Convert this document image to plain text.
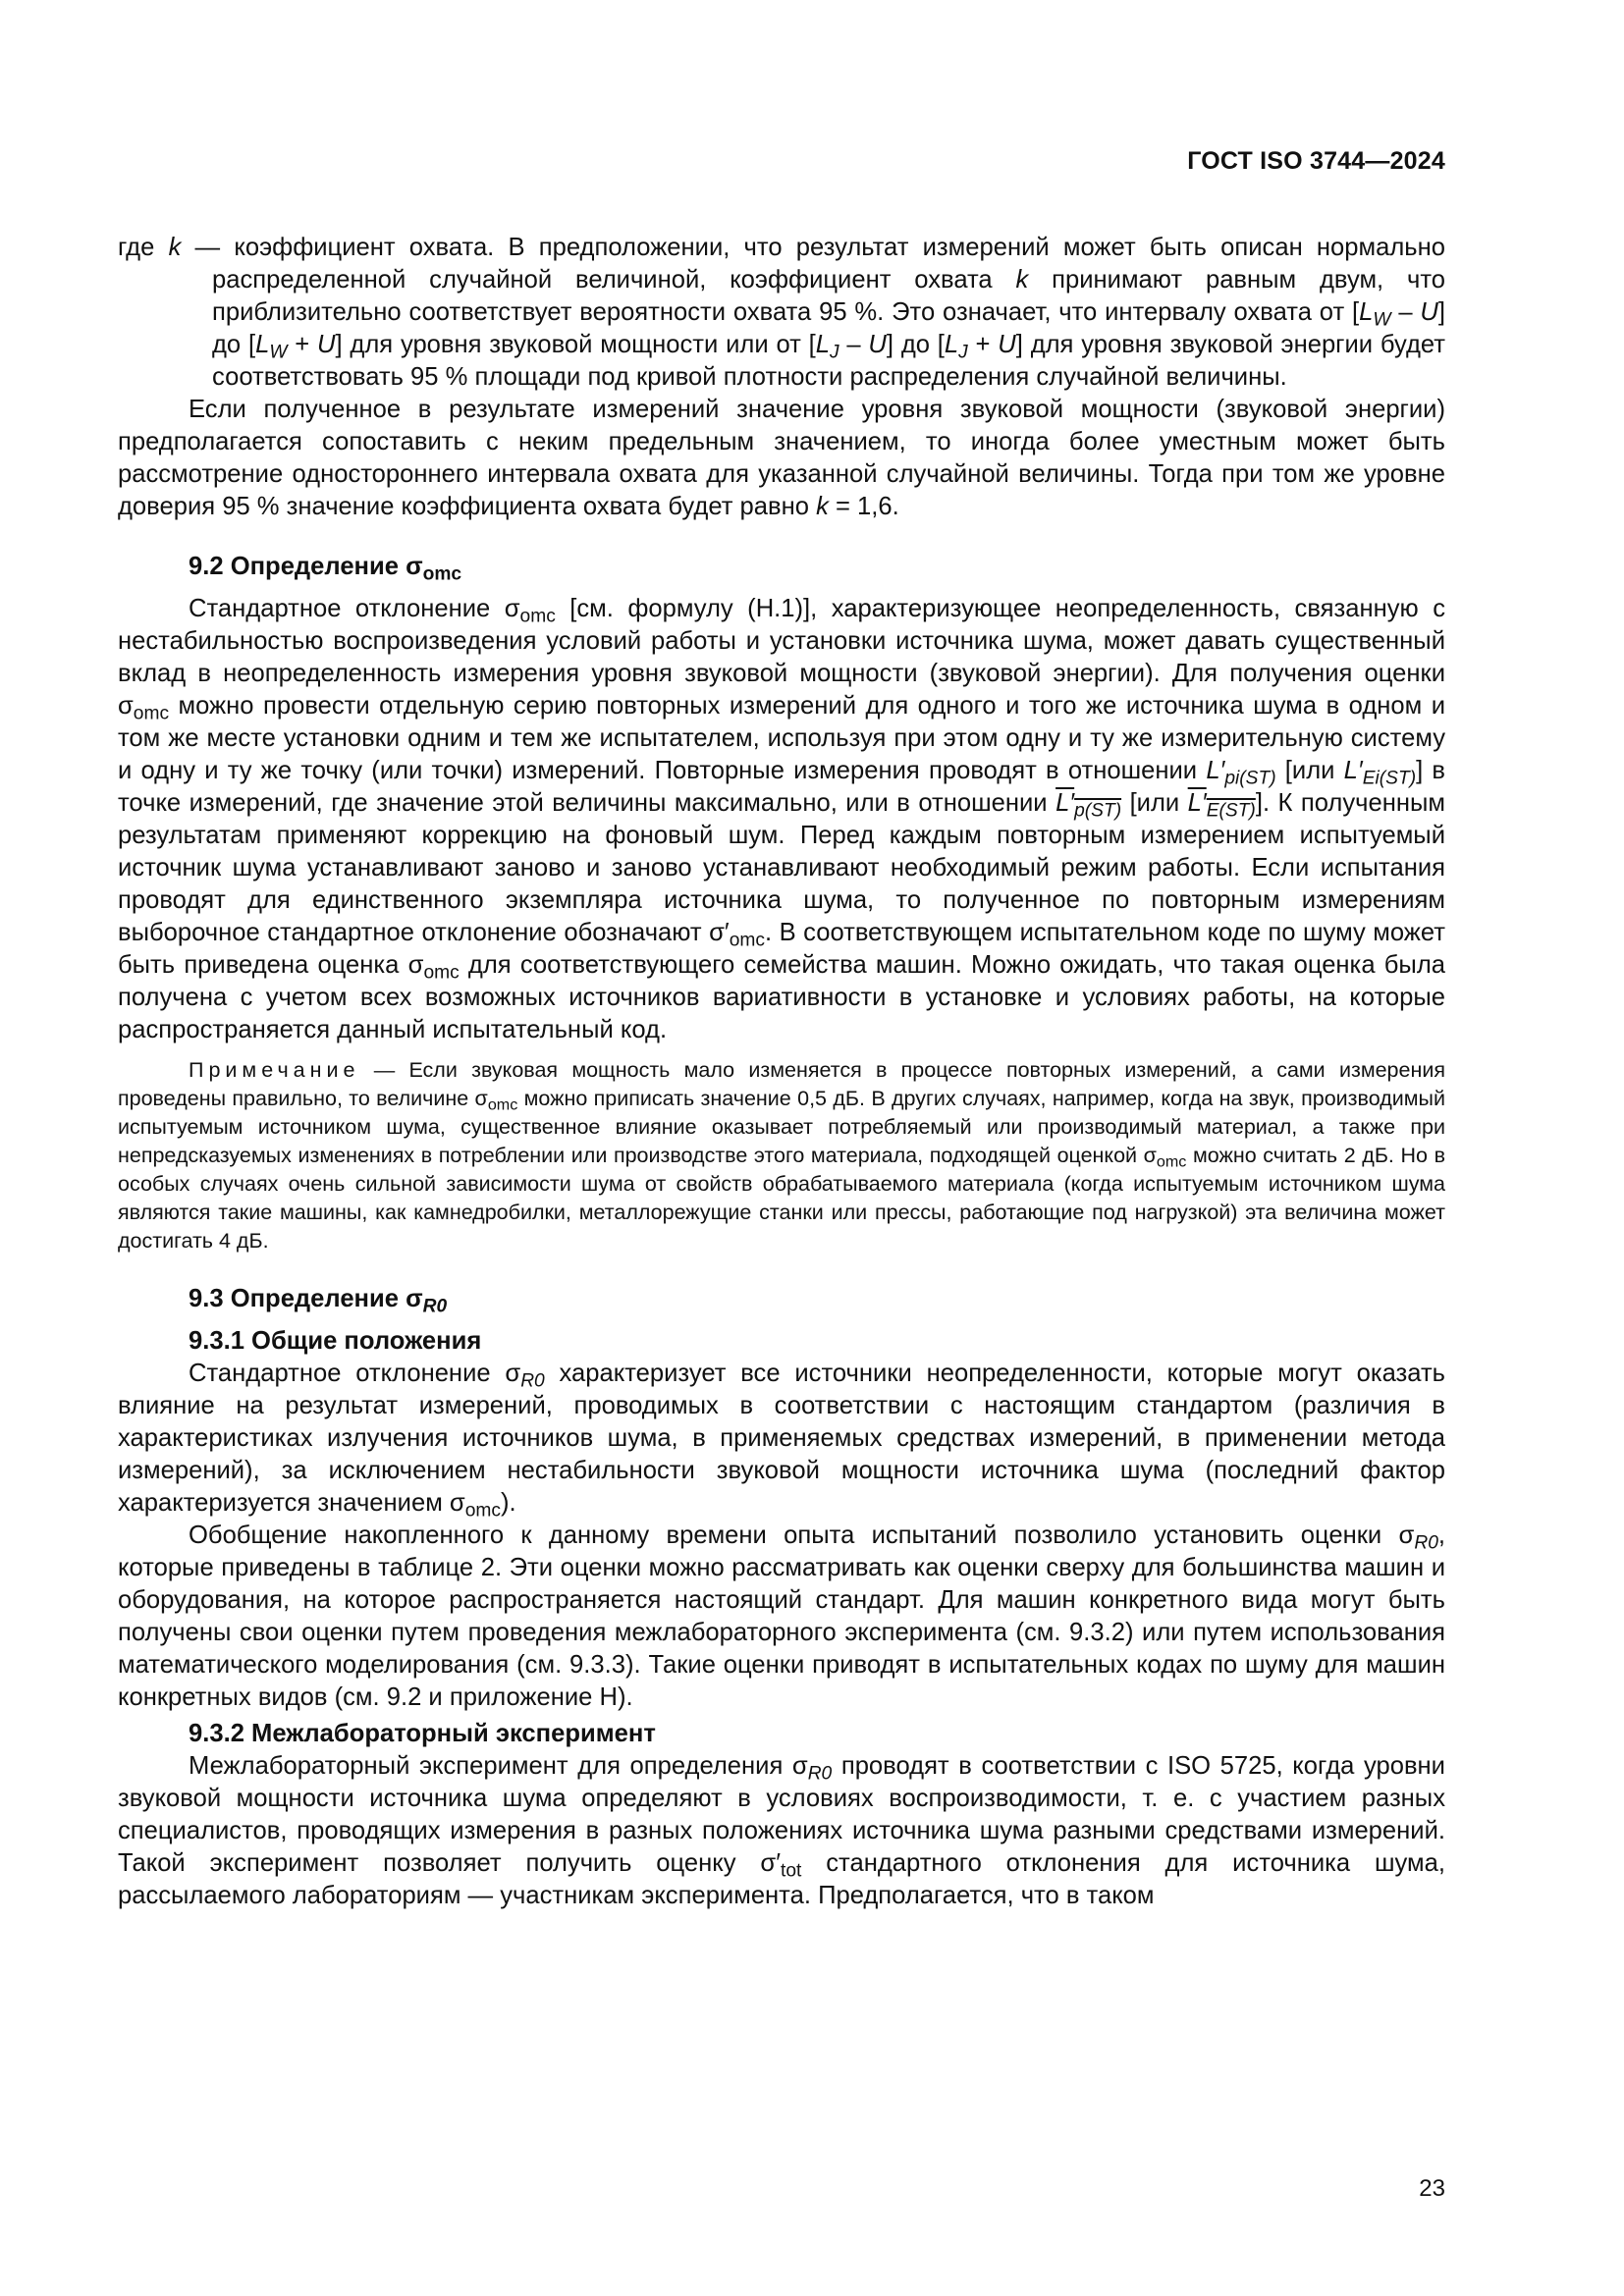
ГОСТ ISO 3744—2024

где k — коэффициент охвата. В предположении, что результат измерений может быть описан нормально распределенной случайной величиной, коэффициент охвата k принимают равным двум, что приблизительно соответствует вероятности охвата 95 %. Это означает, что интервалу охвата от $[L_W - U]$ до $[L_W + U]$ для уровня звуковой мощности или от $[L_J - U]$ до $[L_J + U]$ для уровня звуковой энергии будет соответствовать 95 % площади под кривой плотности распределения случайной величины.

Если полученное в результате измерений значение уровня звуковой мощности (звуковой энергии) предполагается сопоставить с неким предельным значением, то иногда более уместным может быть рассмотрение одностороннего интервала охвата для указанной случайной величины. Тогда при том же уровне доверия 95 % значение коэффициента охвата будет равно k = 1,6.

9.2 Определение $\sigma_{omc}$

Стандартное отклонение $\sigma_{omc}$ [см. формулу (H.1)], характеризующее неопределенность, связанную с нестабильностью воспроизведения условий работы и установки источника шума, может давать существенный вклад в неопределенность измерения уровня звуковой мощности (звуковой энергии). Для получения оценки $\sigma_{omc}$ можно провести отдельную серию повторных измерений для одного и того же источника шума в одном и том же месте установки одним и тем же испытателем, используя при этом одну и ту же измерительную систему и одну и ту же точку (или точки) измерений. Повторные измерения проводят в отношении $L'_{pi(ST)}$ [или $L'_{Ei(ST)}$] в точке измерений, где значение этой величины максимально, или в отношении $L'_{p(ST)}$ [или $L'_{E(ST)}$]. К полученным результатам применяют коррекцию на фоновый шум. Перед каждым повторным измерением испытуемый источник шума устанавливают заново и заново устанавливают необходимый режим работы. Если испытания проводят для единственного экземпляра источника шума, то полученное по повторным измерениям выборочное стандартное отклонение обозначают $\sigma'_{omc}$. В соответствующем испытательном коде по шуму может быть приведена оценка $\sigma_{omc}$ для соответствующего семейства машин. Можно ожидать, что такая оценка была получена с учетом всех возможных источников вариативности в установке и условиях работы, на которые распространяется данный испытательный код.

Примечание — Если звуковая мощность мало изменяется в процессе повторных измерений, а сами измерения проведены правильно, то величине $\sigma_{omc}$ можно приписать значение 0,5 дБ. В других случаях, например, когда на звук, производимый испытуемым источником шума, существенное влияние оказывает потребляемый или производимый материал, а также при непредсказуемых изменениях в потреблении или производстве этого материала, подходящей оценкой $\sigma_{omc}$ можно считать 2 дБ. Но в особых случаях очень сильной зависимости шума от свойств обрабатываемого материала (когда испытуемым источником шума являются такие машины, как камнедробилки, металлорежущие станки или прессы, работающие под нагрузкой) эта величина может достигать 4 дБ.

9.3 Определение $\sigma_{R0}$

9.3.1 Общие положения

Стандартное отклонение $\sigma_{R0}$ характеризует все источники неопределенности, которые могут оказать влияние на результат измерений, проводимых в соответствии с настоящим стандартом (различия в характеристиках излучения источников шума, в применяемых средствах измерений, в применении метода измерений), за исключением нестабильности звуковой мощности источника шума (последний фактор характеризуется значением $\sigma_{omc}$).

Обобщение накопленного к данному времени опыта испытаний позволило установить оценки $\sigma_{R0}$, которые приведены в таблице 2. Эти оценки можно рассматривать как оценки сверху для большинства машин и оборудования, на которое распространяется настоящий стандарт. Для машин конкретного вида могут быть получены свои оценки путем проведения межлабораторного эксперимента (см. 9.3.2) или путем использования математического моделирования (см. 9.3.3). Такие оценки приводят в испытательных кодах по шуму для машин конкретных видов (см. 9.2 и приложение H).

9.3.2 Межлабораторный эксперимент

Межлабораторный эксперимент для определения $\sigma_{R0}$ проводят в соответствии с ISO 5725, когда уровни звуковой мощности источника шума определяют в условиях воспроизводимости, т. е. с участием разных специалистов, проводящих измерения в разных положениях источника шума разными средствами измерений. Такой эксперимент позволяет получить оценку $\sigma'_{tot}$ стандартного отклонения для источника шума, рассылаемого лабораториям — участникам эксперимента. Предполагается, что в таком

23
